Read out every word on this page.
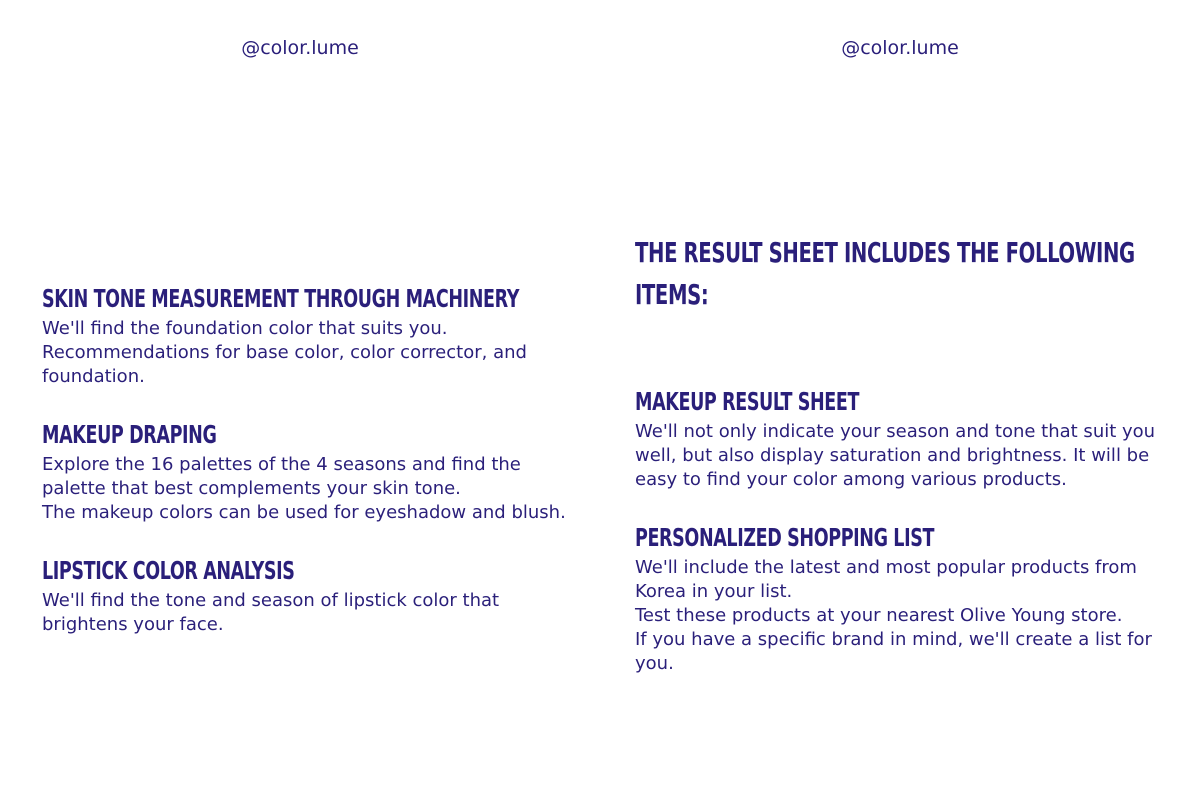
@color.lume

SKIN TONE MEASUREMENT THROUGH MACHINERY

We'll find the foundation color that suits you.

Recommendations for base color, color corrector, and

foundation.

MAKEUP DRAPING

Explore the 16 palettes of the 4 seasons and find the

palette that best complements your skin tone.

The makeup colors can be used for eyeshadow and blush.

LIPSTICK COLOR ANALYSIS

We'll find the tone and season of lipstick color that

brightens your face.

@color.lume

THE RESULT SHEET INCLUDES THE FOLLOWING ITEMS:
MAKEUP RESULT SHEET

We'll not only indicate your season and tone that suit you

well, but also display saturation and brightness. It will be

easy to find your color among various products.

PERSONALIZED SHOPPING LIST

We'll include the latest and most popular products from

Korea in your list.

Test these products at your nearest Olive Young store.

If you have a specific brand in mind, we'll create a list for

you.
